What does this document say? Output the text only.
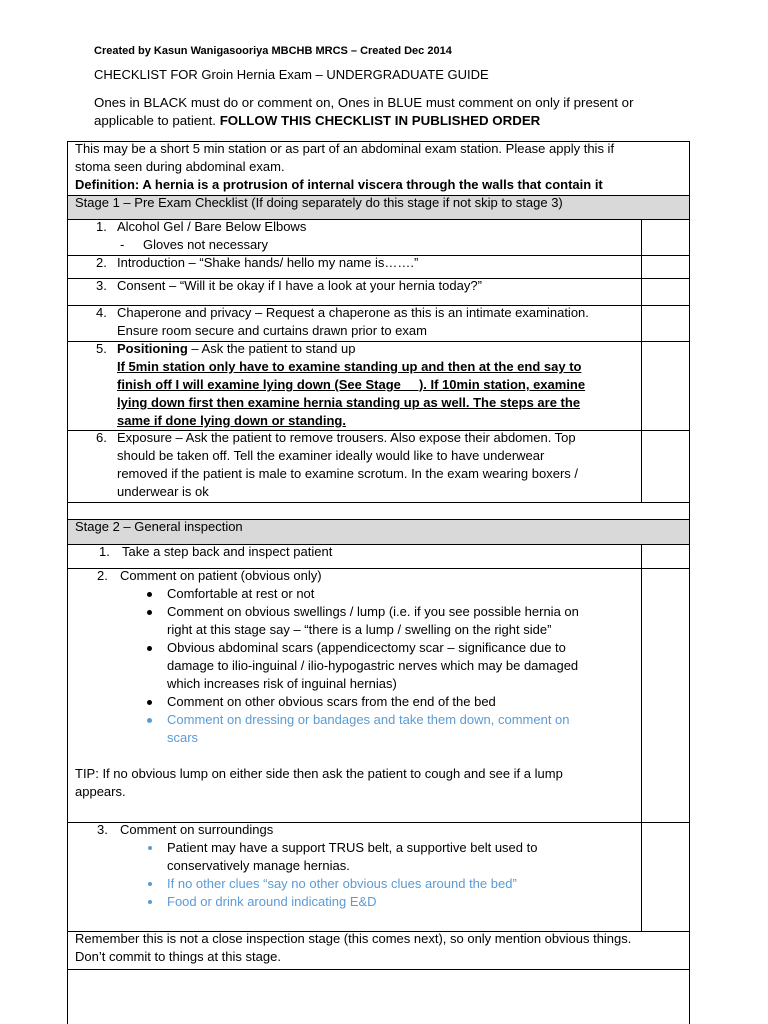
Created by Kasun Wanigasooriya MBCHB MRCS – Created Dec 2014
CHECKLIST FOR Groin Hernia Exam – UNDERGRADUATE GUIDE
Ones in BLACK must do or comment on, Ones in BLUE must comment on only if present or
applicable to patient. FOLLOW THIS CHECKLIST IN PUBLISHED ORDER
This may be a short 5 min station or as part of an abdominal exam station. Please apply this if
stoma seen during abdominal exam.
Definition: A hernia is a protrusion of internal viscera through the walls that contain it
Stage 1 – Pre Exam Checklist (If doing separately do this stage if not skip to stage 3)
1. Alcohol Gel / Bare Below Elbows
- Gloves not necessary
2. Introduction – “Shake hands/ hello my name is…….”
3. Consent – “Will it be okay if I have a look at your hernia today?”
4. Chaperone and privacy – Request a chaperone as this is an intimate examination.
Ensure room secure and curtains drawn prior to exam
5. Positioning – Ask the patient to stand up
If 5min station only have to examine standing up and then at the end say to
finish off I will examine lying down (See Stage __). If 10min station, examine
lying down first then examine hernia standing up as well. The steps are the
same if done lying down or standing.
6. Exposure – Ask the patient to remove trousers. Also expose their abdomen. Top
should be taken off. Tell the examiner ideally would like to have underwear
removed if the patient is male to examine scrotum. In the exam wearing boxers /
underwear is ok
Stage 2 – General inspection
1. Take a step back and inspect patient
2. Comment on patient (obvious only)
Comfortable at rest or not
Comment on obvious swellings / lump (i.e. if you see possible hernia on
right at this stage say – “there is a lump / swelling on the right side”
Obvious abdominal scars (appendicectomy scar – significance due to
damage to ilio-inguinal / ilio-hypogastric nerves which may be damaged
which increases risk of inguinal hernias)
Comment on other obvious scars from the end of the bed
Comment on dressing or bandages and take them down, comment on
scars
TIP: If no obvious lump on either side then ask the patient to cough and see if a lump
appears.
3. Comment on surroundings
Patient may have a support TRUS belt, a supportive belt used to
conservatively manage hernias.
If no other clues “say no other obvious clues around the bed”
Food or drink around indicating E&D
Remember this is not a close inspection stage (this comes next), so only mention obvious things.
Don’t commit to things at this stage.
